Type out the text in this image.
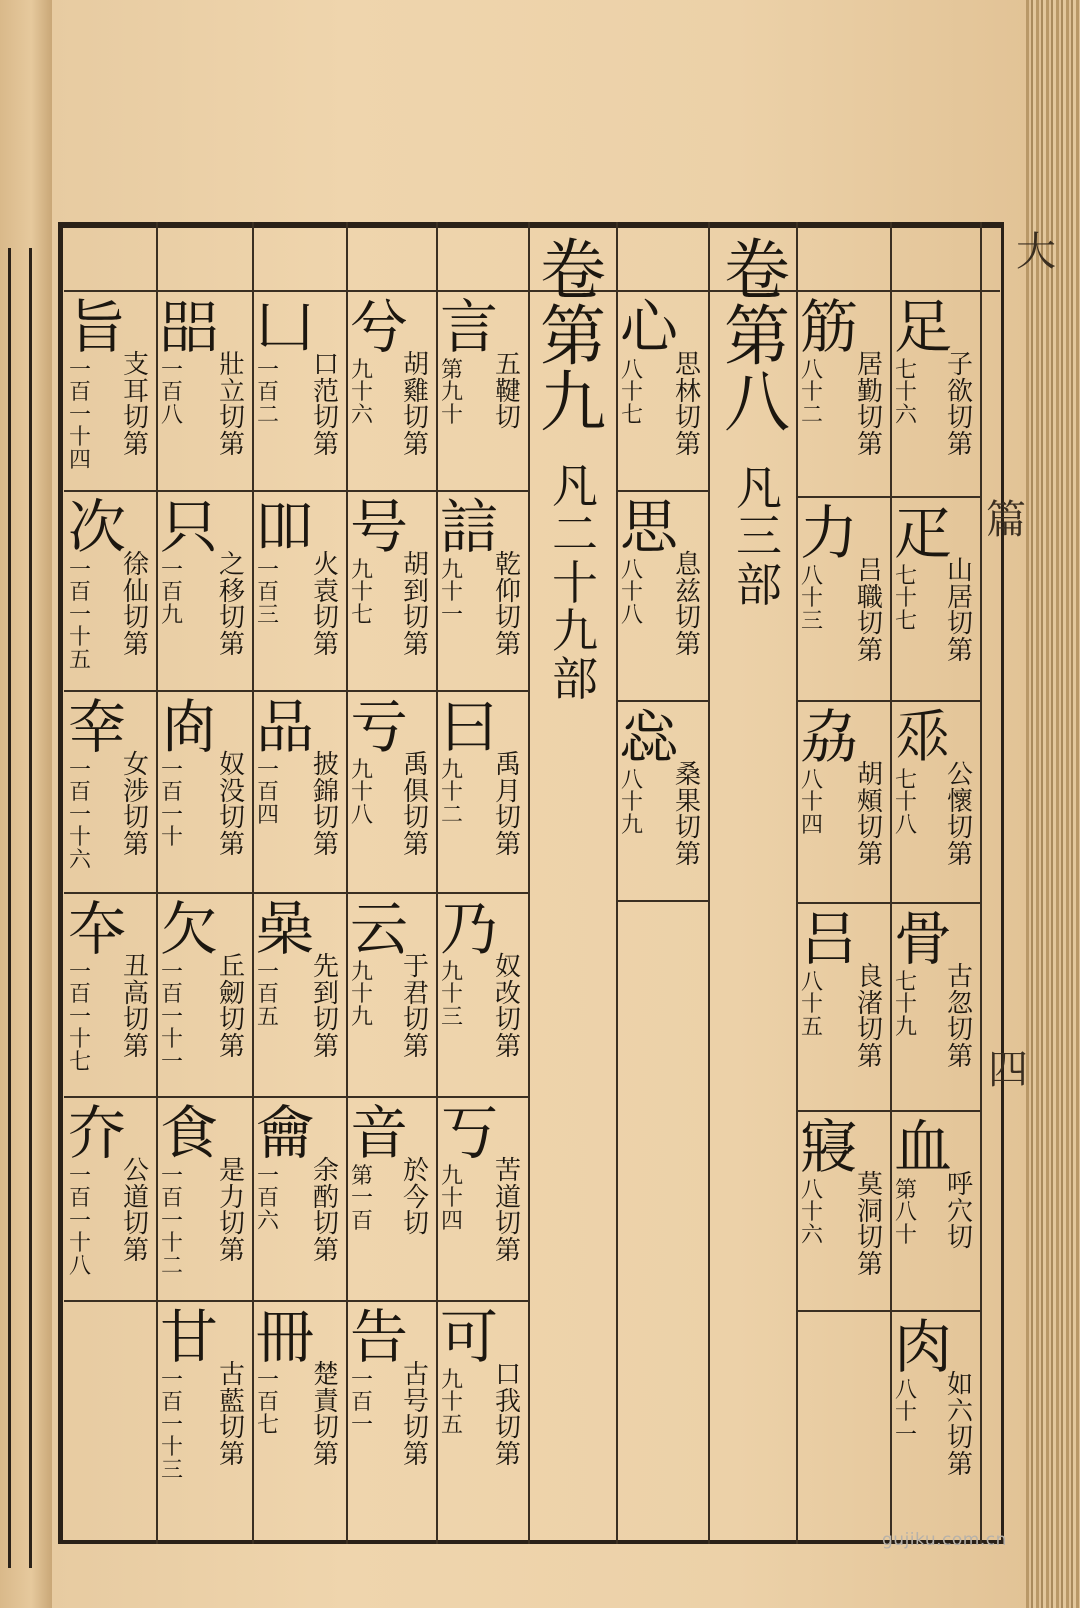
卷第八
凡三部
卷第九
凡二十九部
言
第九十
五鞬切
誩
九十一
乾仰切第
曰
九十二
禹月切第
乃
九十三
奴改切第
丂
九十四
苦道切第
可
九十五
口我切第
兮
九十六
胡雞切第
号
九十七
胡到切第
亏
九十八
禹俱切第
云
九十九
于君切第
音
第一百
於今切
告
一百一
古号切第
凵
一百二
口范切第
吅
一百三
火袁切第
品
一百四
披錦切第
喿
一百五
先到切第
龠
一百六
余酌切第
冊
一百七
楚責切第
㗊
一百八
壯立切第
只
一百九
之移切第
㕯
一百一十
奴没切第
欠
一百一十一
丘劒切第
食
一百一十二
是力切第
甘
一百一十三
古藍切第
旨
一百一十四
支耳切第
次
一百一十五
徐仙切第
㚔
一百一十六
女涉切第
夲
一百一十七
丑高切第
夰
一百一十八
公道切第
足
七十六
子欲切第
疋
七十七
山居切第
𠂹
七十八
公懷切第
骨
七十九
古忽切第
血
第八十
呼穴切
肉
八十一
如六切第
筋
八十二
居勤切第
力
八十三
吕職切第
劦
八十四
胡頰切第
吕
八十五
良渚切第
寢
八十六
莫洞切第
心
八十七
思林切第
思
八十八
息兹切第
惢
八十九
桑果切第
大
篇
四
gujiku.com.cn
